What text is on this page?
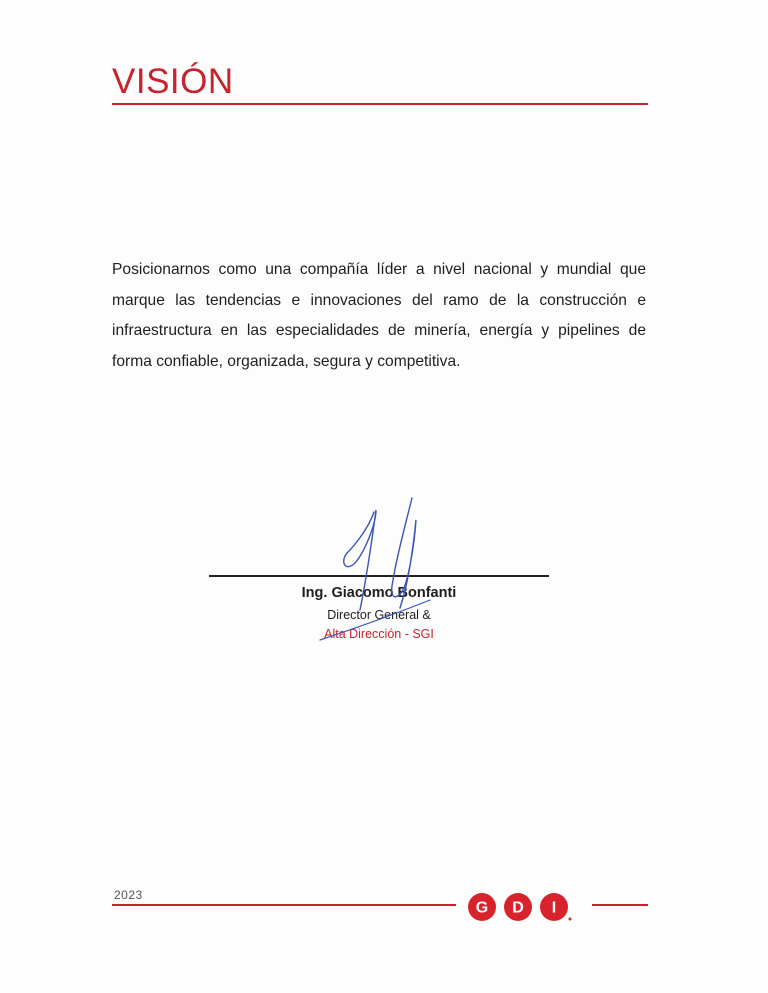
VISIÓN
Posicionarnos como una compañía líder a nivel nacional y mundial que marque las tendencias e innovaciones del ramo de la construcción e infraestructura en las especialidades de minería, energía y pipelines de forma confiable, organizada, segura y competitiva.
Ing. Giacomo Bonfanti
Director General &
Alta Dirección - SGI
2023
G D I
